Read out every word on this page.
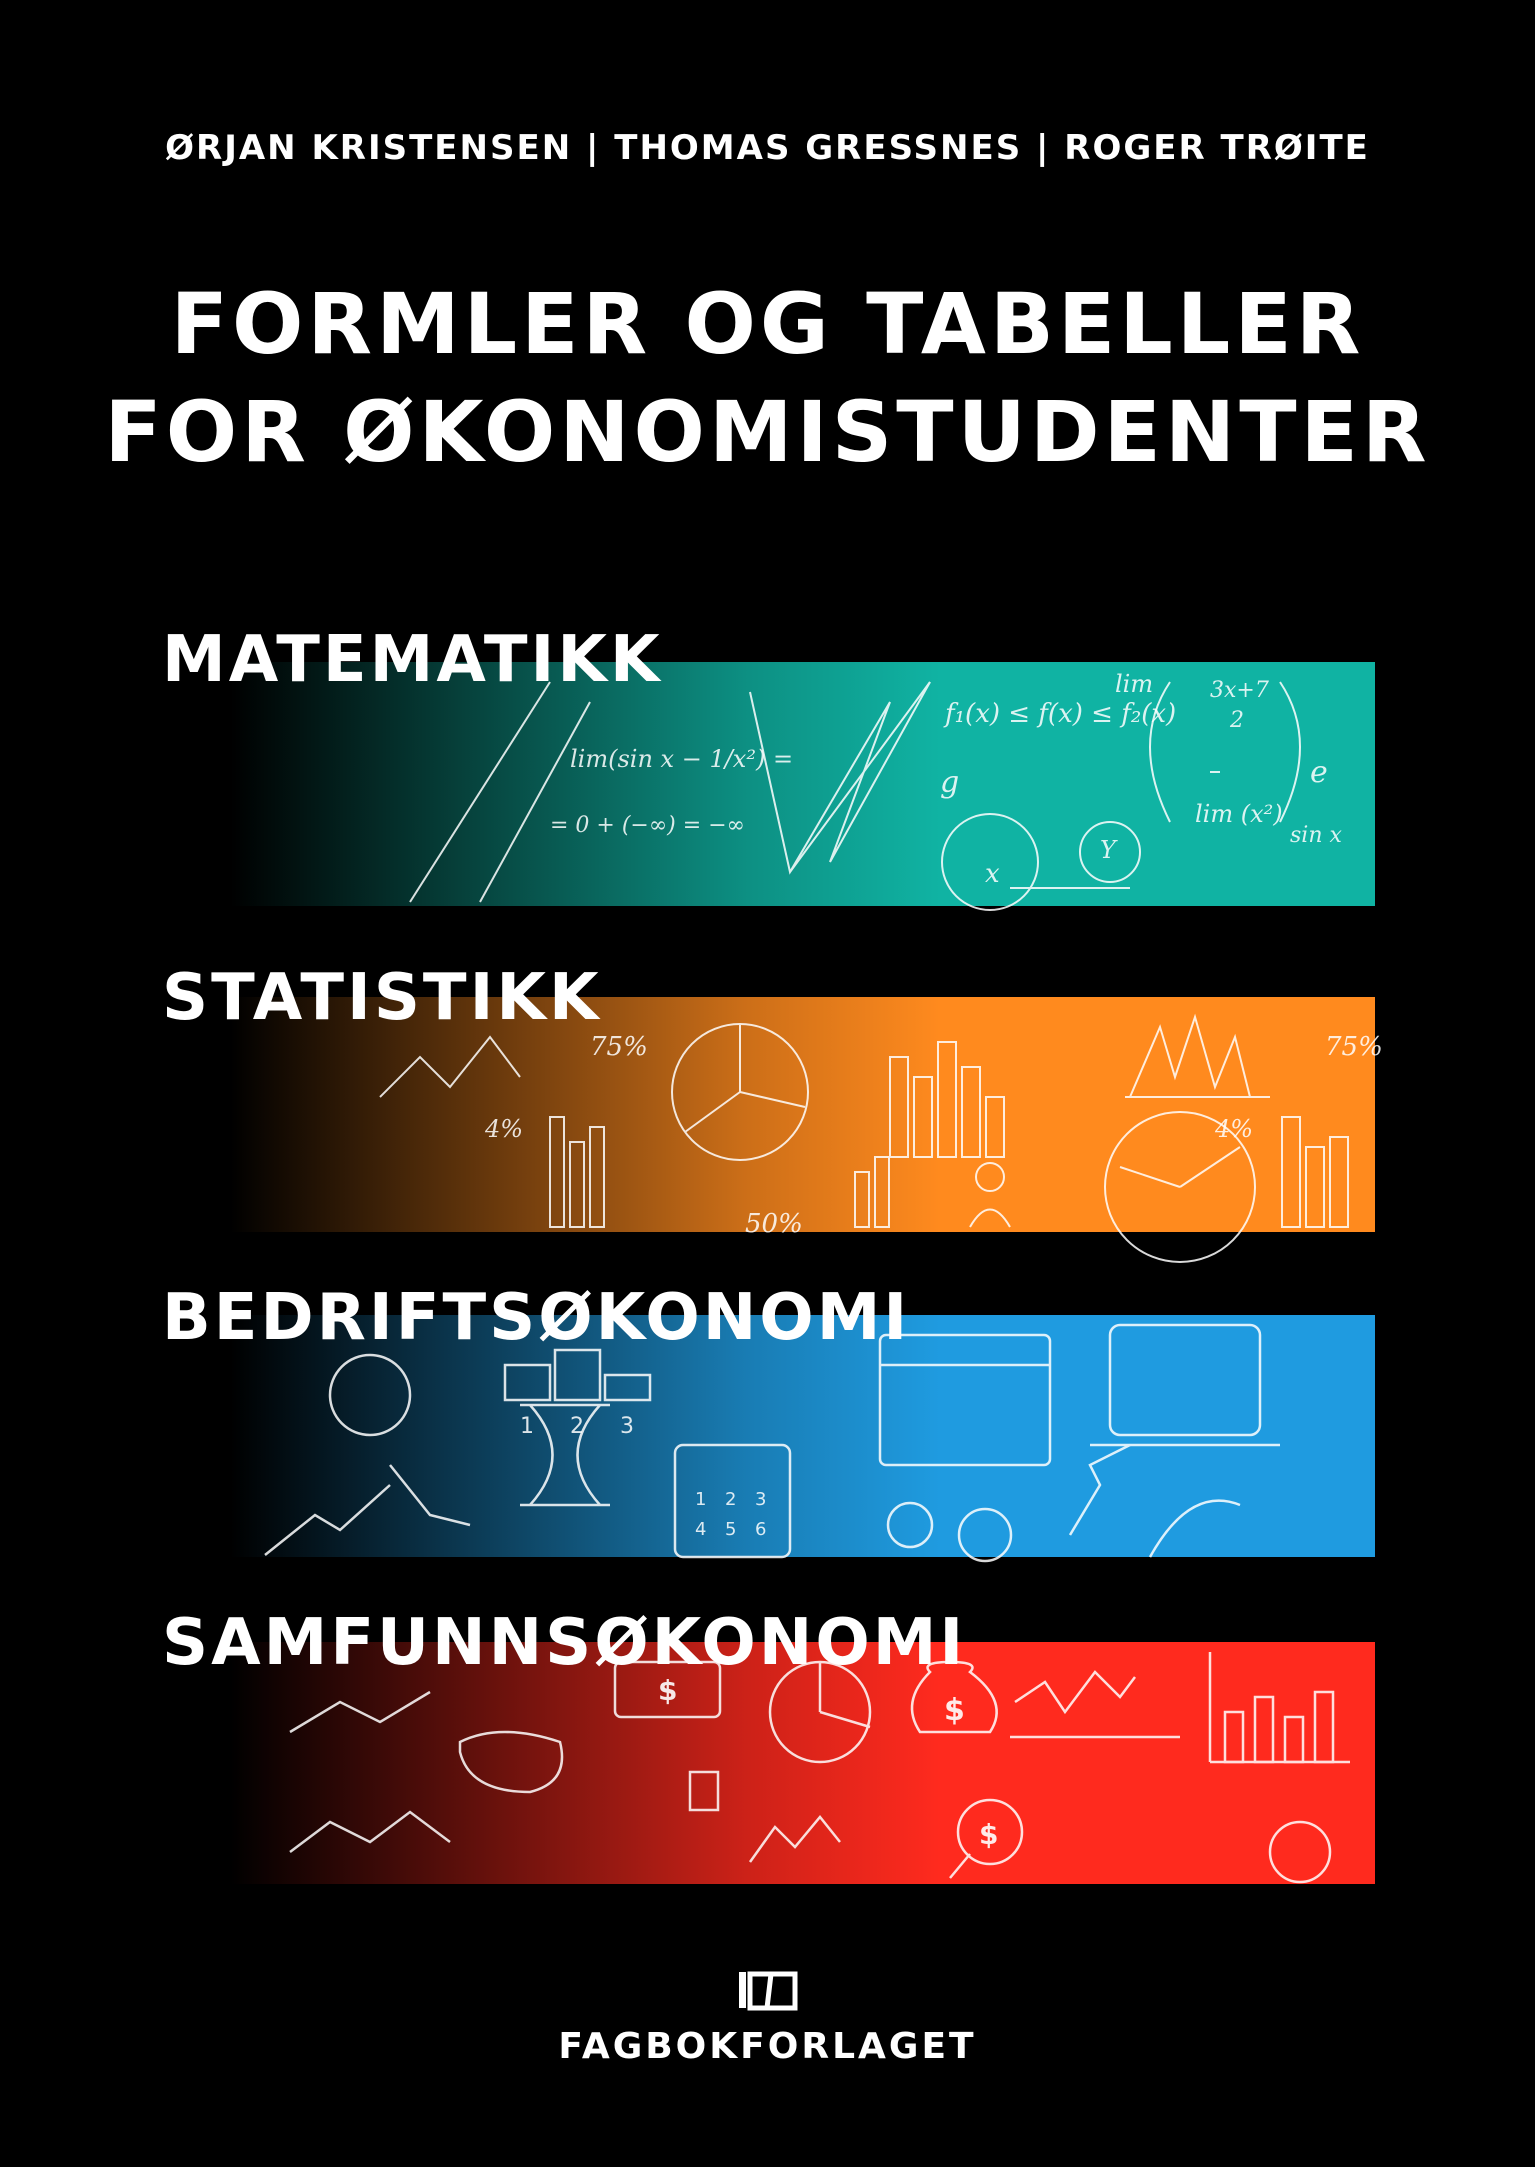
ØRJAN KRISTENSEN | THOMAS GRESSNES | ROGER TRØITE
FORMLER OG TABELLER
FOR ØKONOMISTUDENTER
MATEMATIKK
lim(sin x − 1/x²) =
= 0 + (−∞) = −∞
f₁(x) ≤ f(x) ≤ f₂(x)
lim (x²)
sin x
lim	3x+7
2
g	e
x
Y
STATISTIKK
75%
4%
75%
4%
50%
BEDRIFTSØKONOMI
1 2 3
1 2 3
4 5 6
SAMFUNNSØKONOMI
$
$
$
FAGBOKFORLAGET
